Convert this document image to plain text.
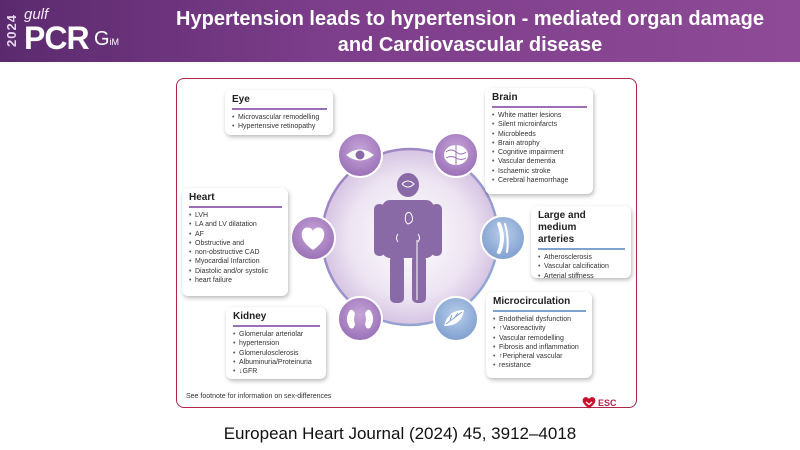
2024
gulf
PCR GiM
Hypertension leads to hypertension - mediated organ damage
and Cardiovascular disease
Eye
• Microvascular remodelling
• Hypertensive retinopathy
Brain
• White matter lesions
• Silent microinfarcts
• Microbleeds
• Brain atrophy
• Cognitive impairment
• Vascular dementia
• Ischaemic stroke
• Cerebral haemorrhage
Heart
• LVH
• LA and LV dilatation
• AF
• Obstructive and
• non-obstructive CAD
• Myocardial Infarction
• Diastolic and/or systolic
• heart failure
Large and medium
arteries
• Atherosclerosis
• Vascular calcification
• Arterial stiffness
Kidney
• Glomerular arteriolar
• hypertension
• Glomerulosclerosis
• Albuminuria/Proteinuria
• ↓GFR
Microcirculation
• Endothelial dysfunction
• ↑Vasoreactivity
• Vascular remodelling
• Fibrosis and inflammation
• ↑Peripheral vascular
• resistance
See footnote for information on sex-differences
ESC
European Heart Journal (2024) 45, 3912–4018
